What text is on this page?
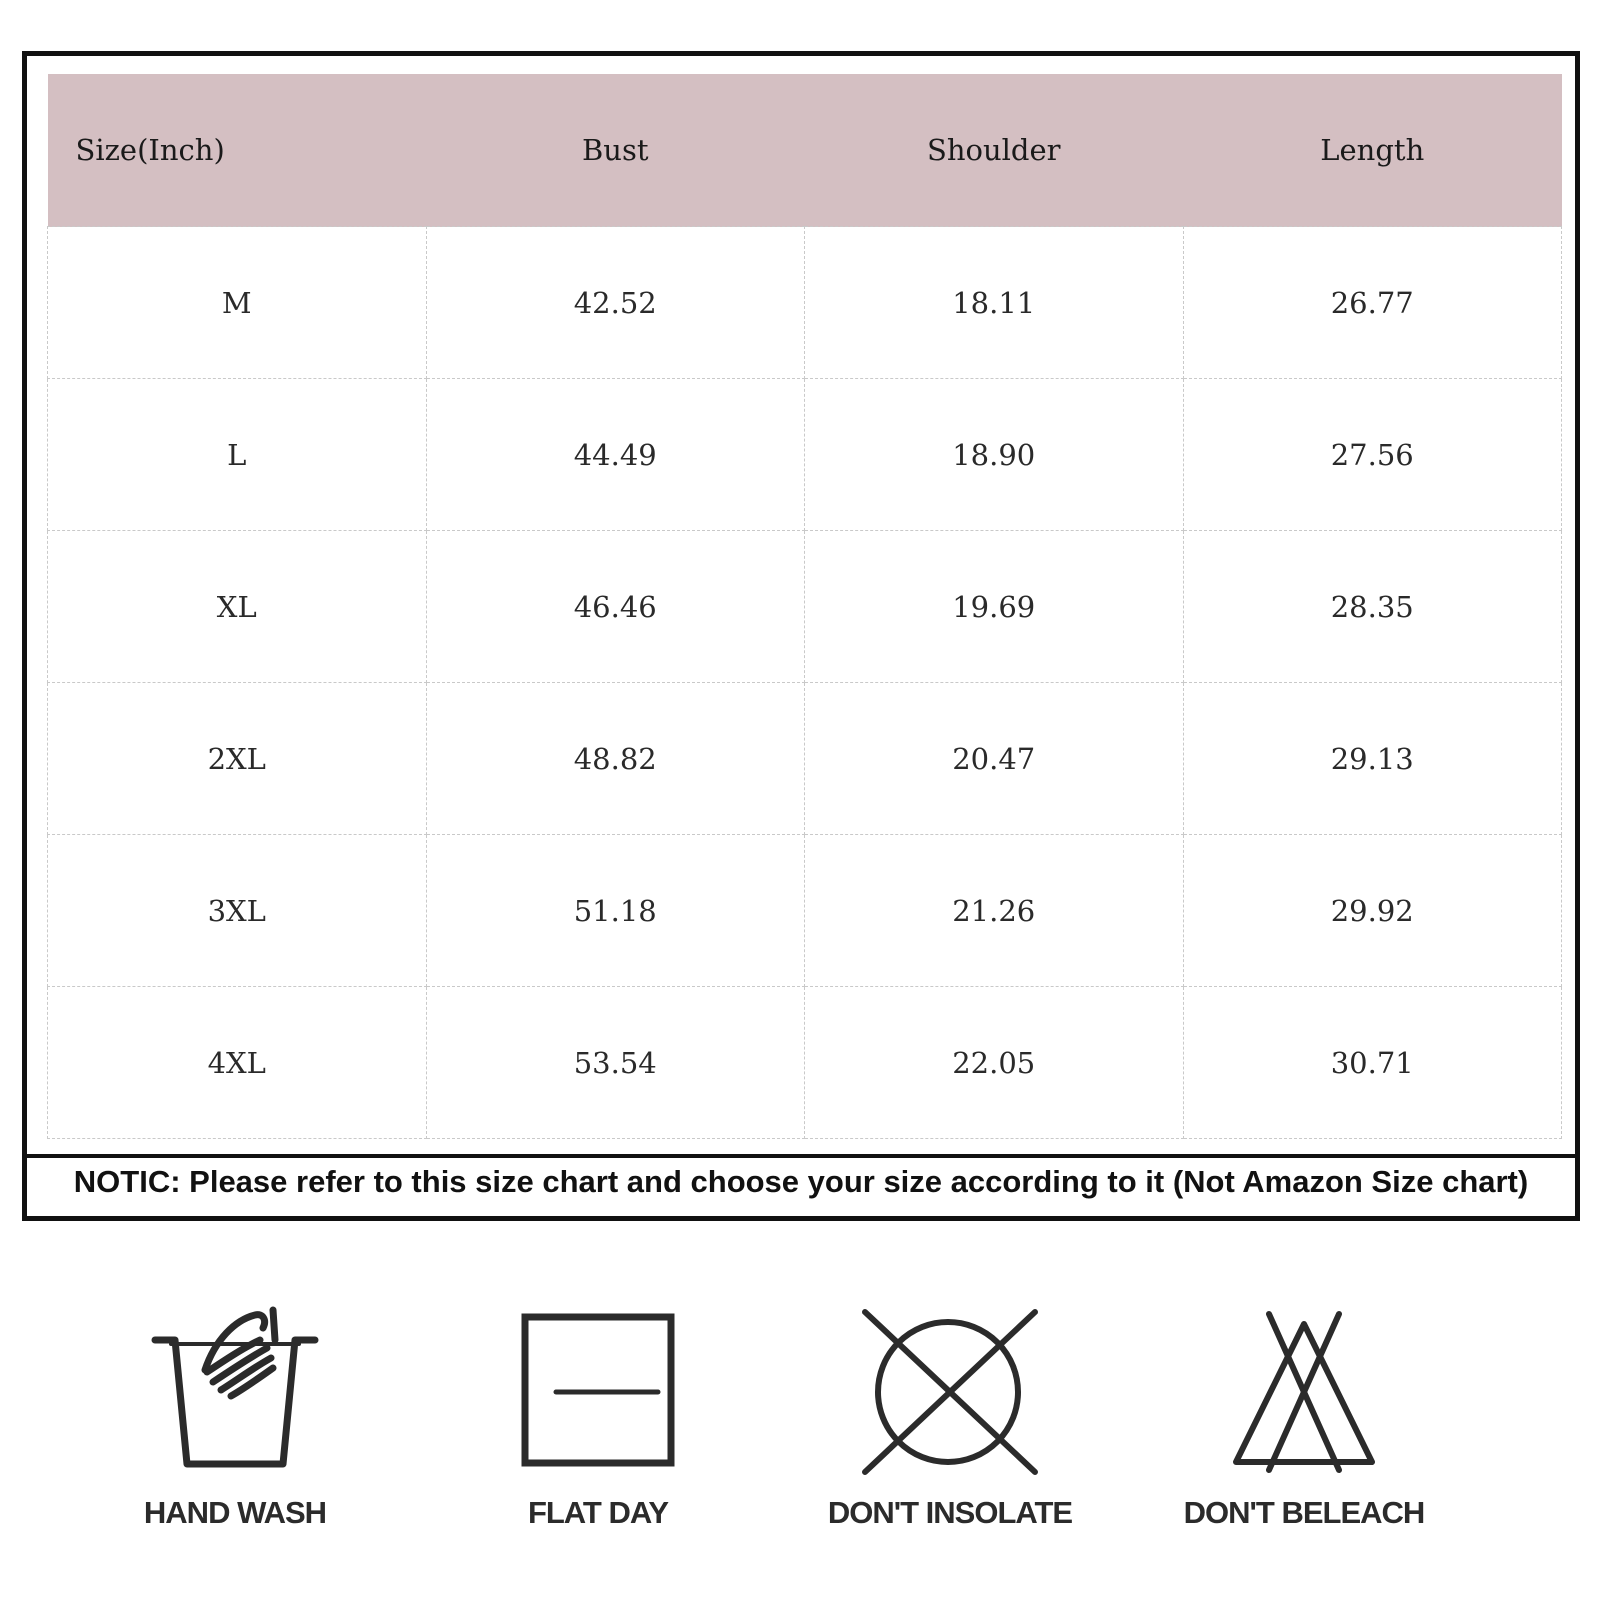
Size(Inch)	Bust	Shoulder	Length
M	42.52	18.11	26.77
L	44.49	18.90	27.56
XL	46.46	19.69	28.35
2XL	48.82	20.47	29.13
3XL	51.18	21.26	29.92
4XL	53.54	22.05	30.71
NOTIC: Please refer to this size chart and choose your size according to it (Not Amazon Size chart)
HAND WASH	FLAT DAY	DON'T INSOLATE	DON'T BELEACH
